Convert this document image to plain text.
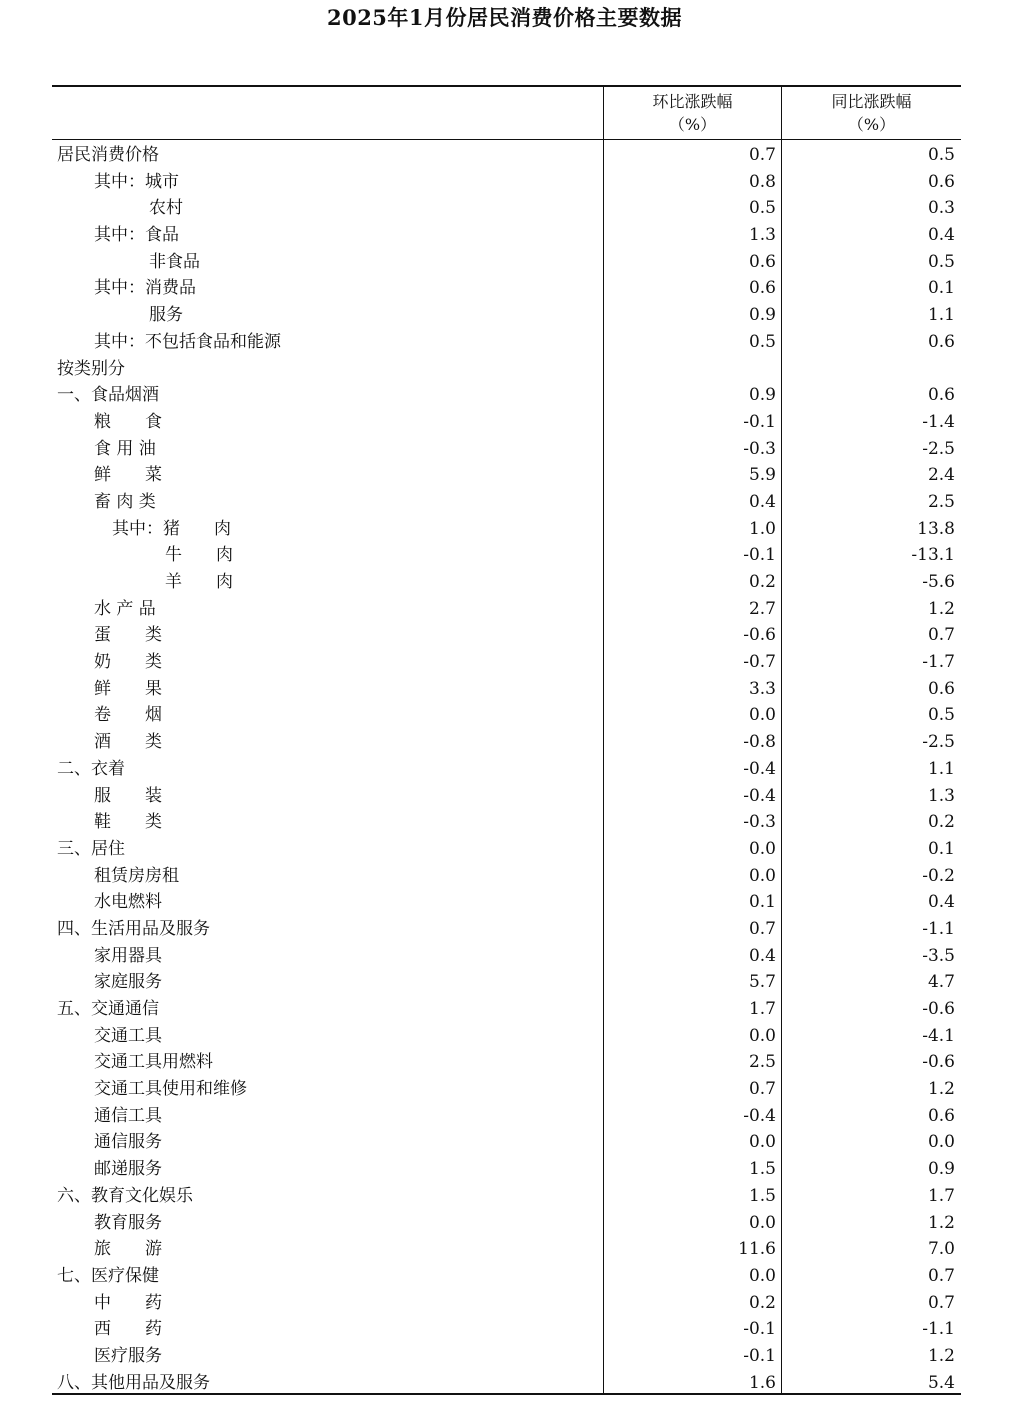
2025年1月份居民消费价格主要数据
环比涨跌幅
（%）
同比涨跌幅
（%）
居民消费价格	0.7	0.5
其中：城市	0.8	0.6
农村	0.5	0.3
其中：食品	1.3	0.4
非食品	0.6	0.5
其中：消费品	0.6	0.1
服务	0.9	1.1
其中：不包括食品和能源	0.5	0.6
按类别分
一、食品烟酒	0.9	0.6
粮　　食	-0.1	-1.4
食 用 油	-0.3	-2.5
鲜　　菜	5.9	2.4
畜 肉 类	0.4	2.5
其中：猪　　肉	1.0	13.8
牛　　肉	-0.1	-13.1
羊　　肉	0.2	-5.6
水 产 品	2.7	1.2
蛋　　类	-0.6	0.7
奶　　类	-0.7	-1.7
鲜　　果	3.3	0.6
卷　　烟	0.0	0.5
酒　　类	-0.8	-2.5
二、衣着	-0.4	1.1
服　　装	-0.4	1.3
鞋　　类	-0.3	0.2
三、居住	0.0	0.1
租赁房房租	0.0	-0.2
水电燃料	0.1	0.4
四、生活用品及服务	0.7	-1.1
家用器具	0.4	-3.5
家庭服务	5.7	4.7
五、交通通信	1.7	-0.6
交通工具	0.0	-4.1
交通工具用燃料	2.5	-0.6
交通工具使用和维修	0.7	1.2
通信工具	-0.4	0.6
通信服务	0.0	0.0
邮递服务	1.5	0.9
六、教育文化娱乐	1.5	1.7
教育服务	0.0	1.2
旅　　游	11.6	7.0
七、医疗保健	0.0	0.7
中　　药	0.2	0.7
西　　药	-0.1	-1.1
医疗服务	-0.1	1.2
八、其他用品及服务	1.6	5.4
